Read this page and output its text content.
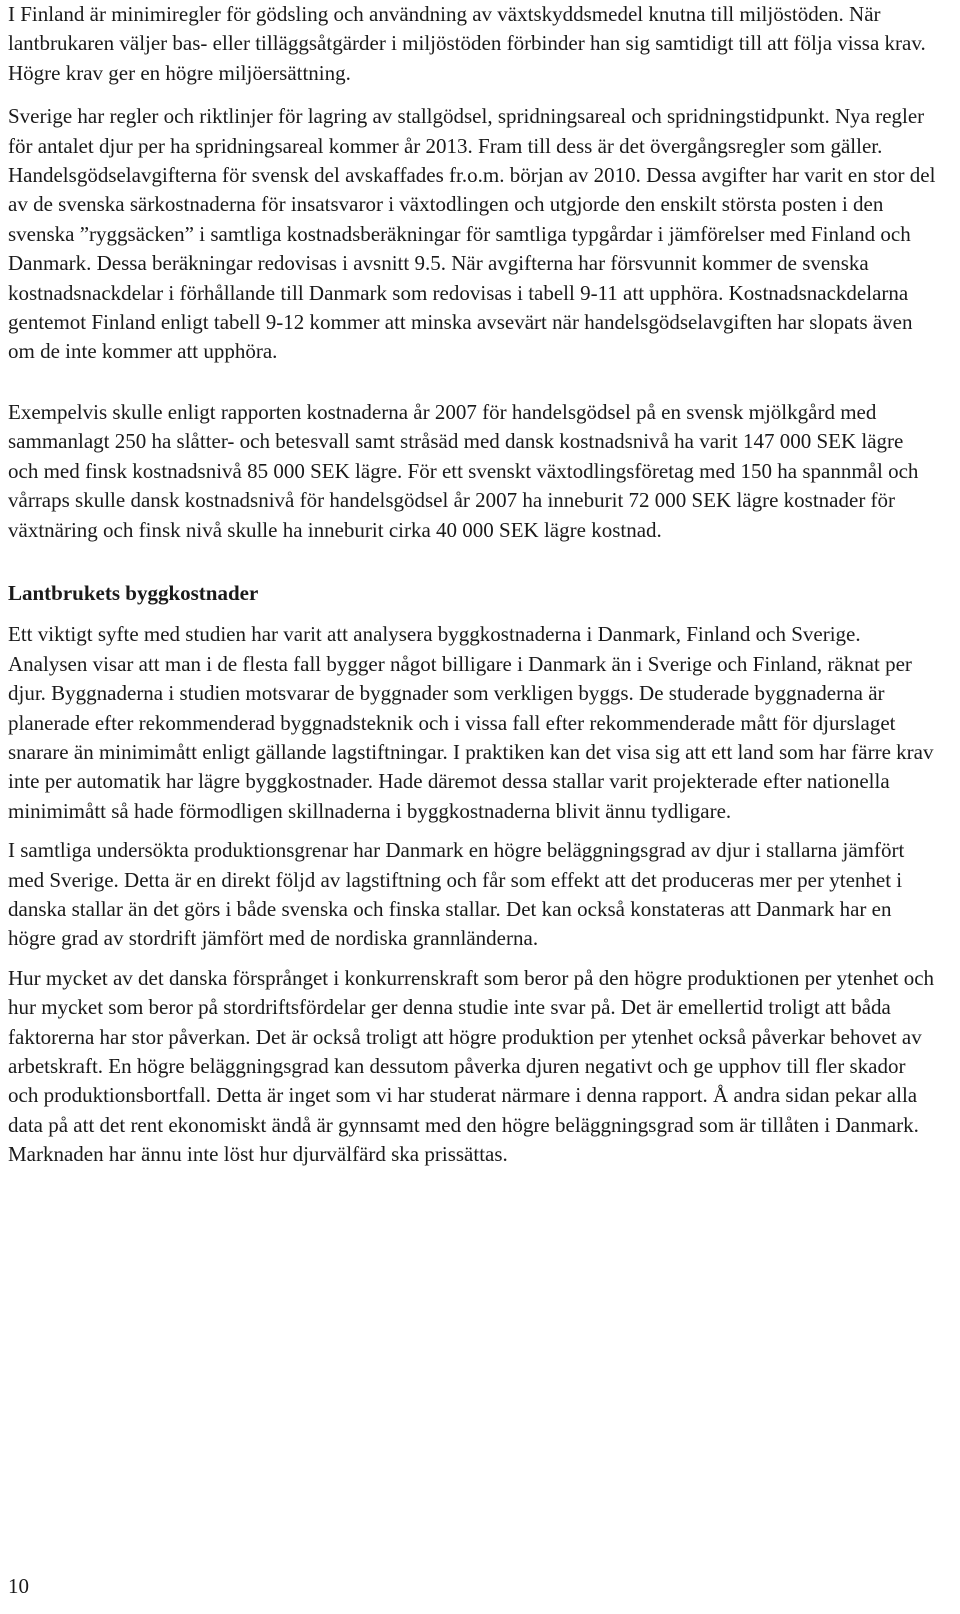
I Finland är minimiregler för gödsling och användning av växtskyddsmedel knutna till miljöstöden. När lantbrukaren väljer bas- eller tilläggsåtgärder i miljöstöden förbinder han sig samtidigt till att följa vissa krav. Högre krav ger en högre miljöersättning.

Sverige har regler och riktlinjer för lagring av stallgödsel, spridningsareal och spridningstidpunkt. Nya regler för antalet djur per ha spridningsareal kommer år 2013. Fram till dess är det övergångsregler som gäller. Handelsgödselavgifterna för svensk del avskaffades fr.o.m. början av 2010. Dessa avgifter har varit en stor del av de svenska särkostnaderna för insatsvaror i växtodlingen och utgjorde den enskilt största posten i den svenska ”ryggsäcken” i samtliga kostnadsberäkningar för samtliga typgårdar i jämförelser med Finland och Danmark. Dessa beräkningar redovisas i avsnitt 9.5. När avgifterna har försvunnit kommer de svenska kostnadsnackdelar i förhållande till Danmark som redovisas i tabell 9-11 att upphöra. Kostnadsnackdelarna gentemot Finland enligt tabell 9-12 kommer att minska avsevärt när handelsgödselavgiften har slopats även om de inte kommer att upphöra.

Exempelvis skulle enligt rapporten kostnaderna år 2007 för handelsgödsel på en svensk mjölkgård med sammanlagt 250 ha slåtter- och betesvall samt stråsäd med dansk kostnadsnivå ha varit 147 000 SEK lägre och med finsk kostnadsnivå 85 000 SEK lägre. För ett svenskt växtodlingsföretag med 150 ha spannmål och vårraps skulle dansk kostnadsnivå för handelsgödsel år 2007 ha inneburit 72 000 SEK lägre kostnader för växtnäring och finsk nivå skulle ha inneburit cirka 40 000 SEK lägre kostnad.

Lantbrukets byggkostnader

Ett viktigt syfte med studien har varit att analysera byggkostnaderna i Danmark, Finland och Sverige. Analysen visar att man i de flesta fall bygger något billigare i Danmark än i Sverige och Finland, räknat per djur. Byggnaderna i studien motsvarar de byggnader som verkligen byggs. De studerade byggnaderna är planerade efter rekommenderad byggnadsteknik och i vissa fall efter rekommenderade mått för djurslaget snarare än minimimått enligt gällande lagstiftningar. I praktiken kan det visa sig att ett land som har färre krav inte per automatik har lägre byggkostnader. Hade däremot dessa stallar varit projekterade efter nationella minimimått så hade förmodligen skillnaderna i byggkostnaderna blivit ännu tydligare.

I samtliga undersökta produktionsgrenar har Danmark en högre beläggningsgrad av djur i stallarna jämfört med Sverige. Detta är en direkt följd av lagstiftning och får som effekt att det produceras mer per ytenhet i danska stallar än det görs i både svenska och finska stallar. Det kan också konstateras att Danmark har en högre grad av stordrift jämfört med de nordiska grannländerna.

Hur mycket av det danska försprånget i konkurrenskraft som beror på den högre produktionen per ytenhet och hur mycket som beror på stordriftsfördelar ger denna studie inte svar på. Det är emellertid troligt att båda faktorerna har stor påverkan. Det är också troligt att högre produktion per ytenhet också påverkar behovet av arbetskraft. En högre beläggningsgrad kan dessutom påverka djuren negativt och ge upphov till fler skador och produktionsbortfall. Detta är inget som vi har studerat närmare i denna rapport. Å andra sidan pekar alla data på att det rent ekonomiskt ändå är gynnsamt med den högre beläggningsgrad som är tillåten i Danmark. Marknaden har ännu inte löst hur djurvälfärd ska prissättas.

10
